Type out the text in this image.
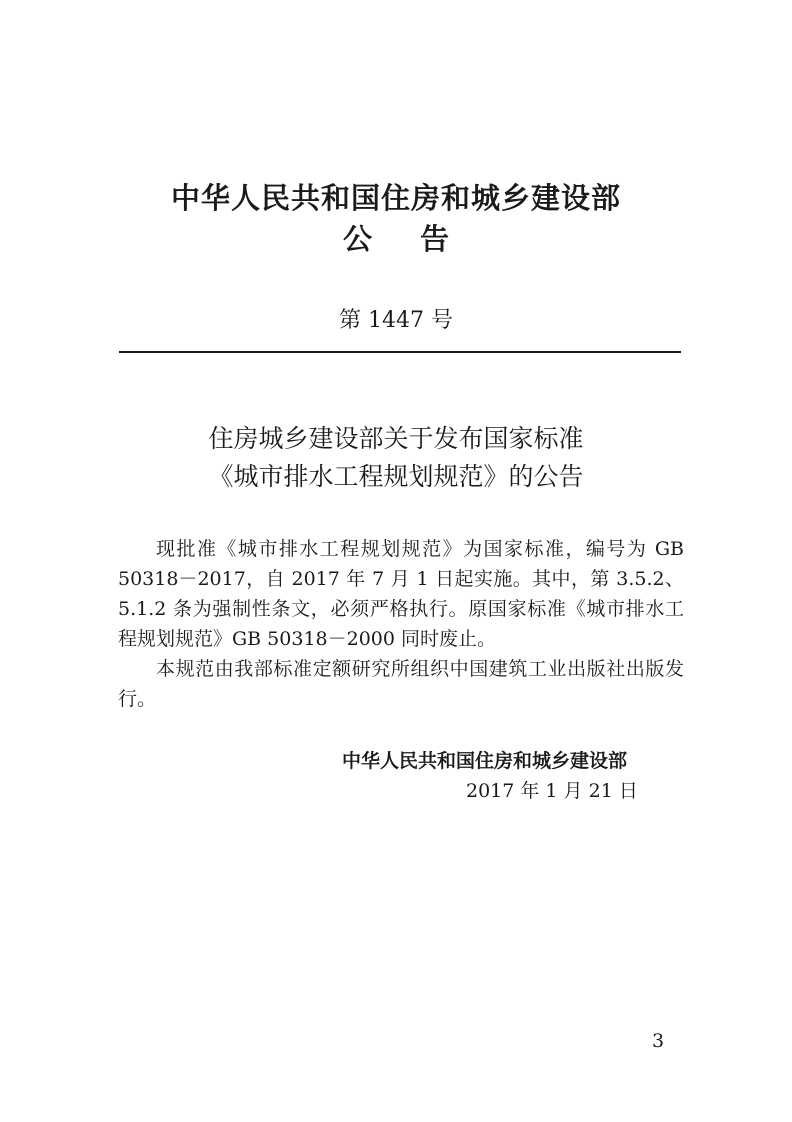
中华人民共和国住房和城乡建设部
公告
第 1447 号
住房城乡建设部关于发布国家标准
《城市排水工程规划规范》的公告

现批准《城市排水工程规划规范》为国家标准，编号为 GB 50318－2017，自 2017 年 7 月 1 日起实施。其中，第 3.5.2、5.1.2 条为强制性条文，必须严格执行。原国家标准《城市排水工程规划规范》GB 50318－2000 同时废止。

本规范由我部标准定额研究所组织中国建筑工业出版社出版发行。

中华人民共和国住房和城乡建设部
2017 年 1 月 21 日
3
